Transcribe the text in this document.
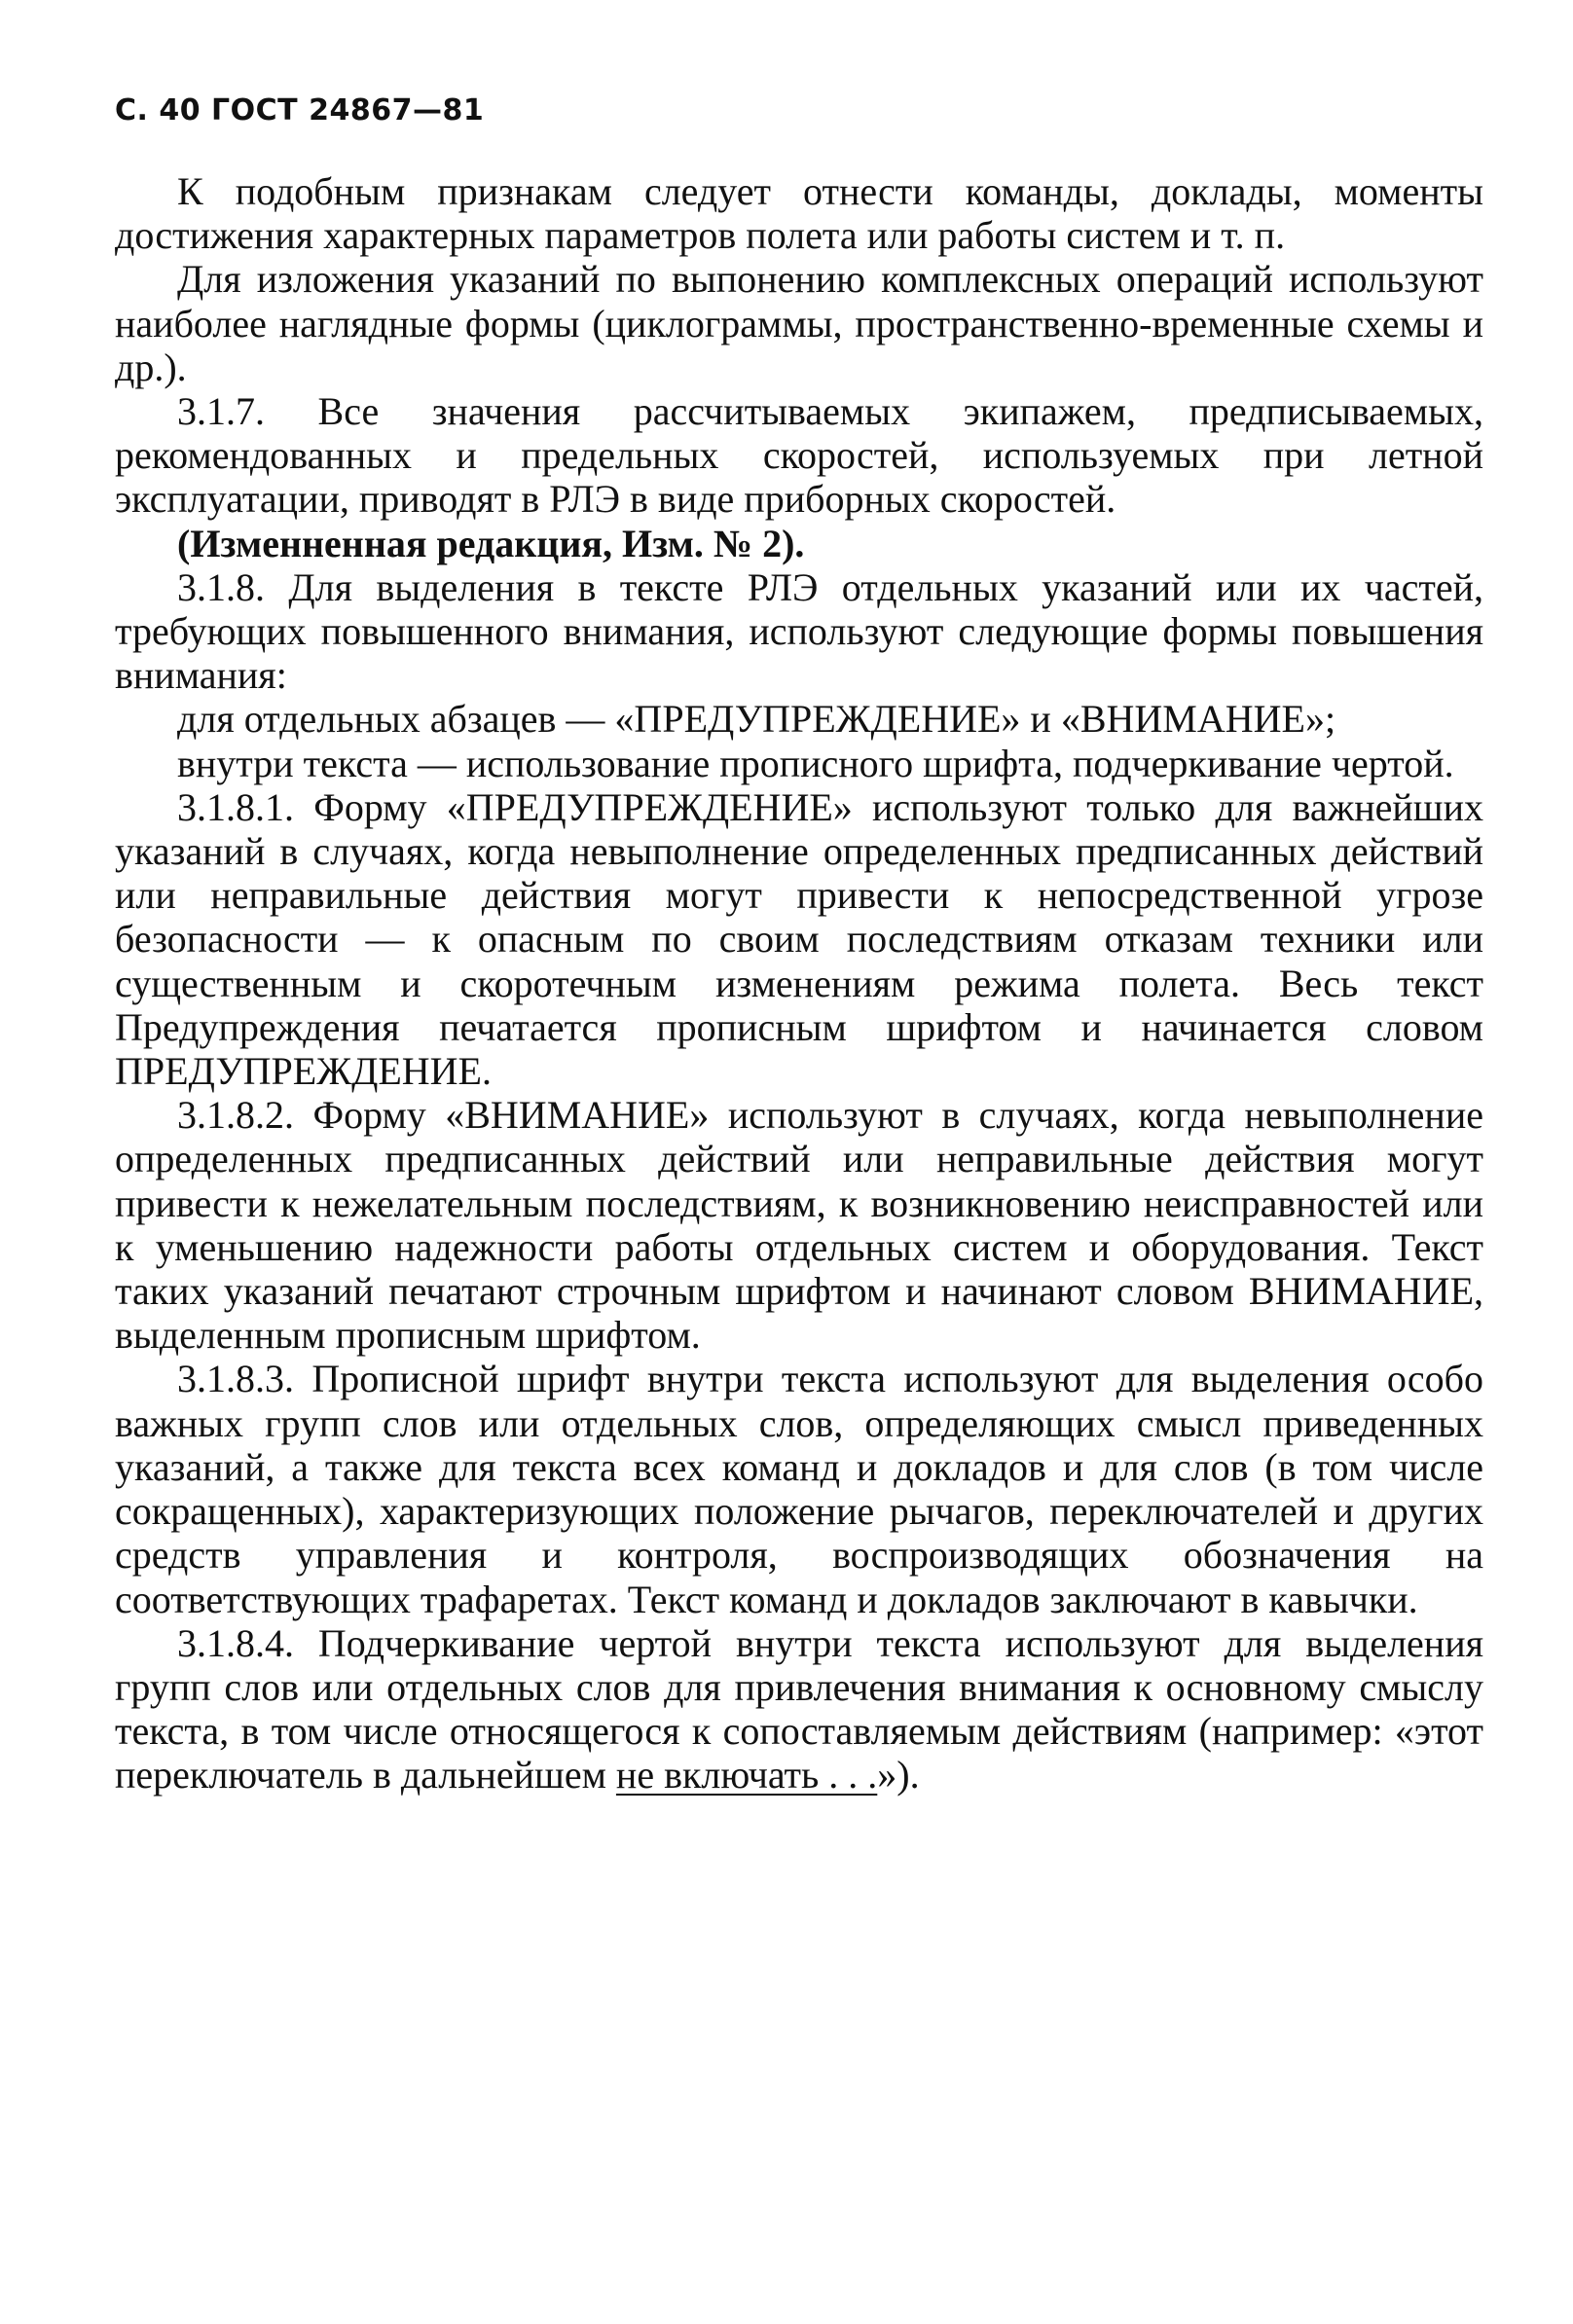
С. 40 ГОСТ 24867—81

К подобным признакам следует отнести команды, доклады, моменты достижения характерных параметров полета или работы систем и т. п.

Для изложения указаний по выпонению комплексных операций используют наиболее наглядные формы (циклограммы, пространственно-временные схемы и др.).

3.1.7. Все значения рассчитываемых экипажем, предписываемых, рекомендованных и предельных скоростей, используемых при летной эксплуатации, приводят в РЛЭ в виде приборных скоростей.

(Изменненная редакция, Изм. № 2).

3.1.8. Для выделения в тексте РЛЭ отдельных указаний или их частей, требующих повышенного внимания, используют следующие формы повышения внимания:

для отдельных абзацев — «ПРЕДУПРЕЖДЕНИЕ» и «ВНИМАНИЕ»;

внутри текста — использование прописного шрифта, подчеркивание чертой.

3.1.8.1. Форму «ПРЕДУПРЕЖДЕНИЕ» используют только для важнейших указаний в случаях, когда невыполнение определенных предписанных действий или неправильные действия могут привести к непосредственной угрозе безопасности — к опасным по своим последствиям отказам техники или существенным и скоротечным изменениям режима полета. Весь текст Предупреждения печатается прописным шрифтом и начинается словом ПРЕДУПРЕЖДЕНИЕ.

3.1.8.2. Форму «ВНИМАНИЕ» используют в случаях, когда невыполнение определенных предписанных действий или неправильные действия могут привести к нежелательным последствиям, к возникновению неисправностей или к уменьшению надежности работы отдельных систем и оборудования. Текст таких указаний печатают строчным шрифтом и начинают словом ВНИМАНИЕ, выделенным прописным шрифтом.

3.1.8.3. Прописной шрифт внутри текста используют для выделения особо важных групп слов или отдельных слов, определяющих смысл приведенных указаний, а также для текста всех команд и докладов и для слов (в том числе сокращенных), характеризующих положение рычагов, переключателей и других средств управления и контроля, воспроизводящих обозначения на соответствующих трафаретах. Текст команд и докладов заключают в кавычки.

3.1.8.4. Подчеркивание чертой внутри текста используют для выделения групп слов или отдельных слов для привлечения внимания к основному смыслу текста, в том числе относящегося к сопоставляемым действиям (например: «этот переключатель в дальнейшем не включать . . .»).
